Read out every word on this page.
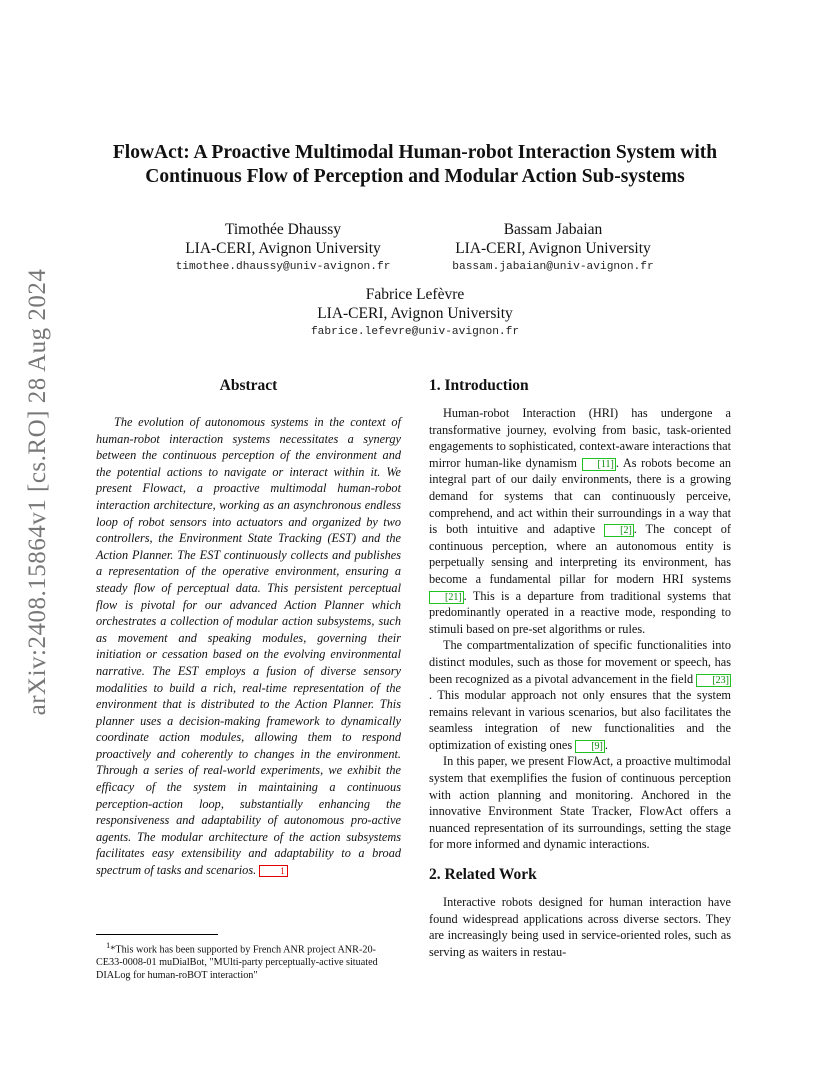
arXiv:2408.15864v1 [cs.RO] 28 Aug 2024
FlowAct: A Proactive Multimodal Human-robot Interaction System with
Continuous Flow of Perception and Modular Action Sub-systems
Timothée Dhaussy
LIA-CERI, Avignon University
timothee.dhaussy@univ-avignon.fr
Bassam Jabaian
LIA-CERI, Avignon University
bassam.jabaian@univ-avignon.fr
Fabrice Lefèvre
LIA-CERI, Avignon University
fabrice.lefevre@univ-avignon.fr
Abstract

The evolution of autonomous systems in the context of human-robot interaction systems necessitates a synergy between the continuous perception of the environment and the potential actions to navigate or interact within it. We present Flowact, a proactive multimodal human-robot interaction architecture, working as an asynchronous endless loop of robot sensors into actuators and organized by two controllers, the Environment State Tracking (EST) and the Action Planner. The EST continuously collects and publishes a representation of the operative environment, ensuring a steady flow of perceptual data. This persistent perceptual flow is pivotal for our advanced Action Planner which orchestrates a collection of modular action subsystems, such as movement and speaking modules, governing their initiation or cessation based on the evolving environmental narrative. The EST employs a fusion of diverse sensory modalities to build a rich, real-time representation of the environment that is distributed to the Action Planner. This planner uses a decision-making framework to dynamically coordinate action modules, allowing them to respond proactively and coherently to changes in the environment. Through a series of real-world experiments, we exhibit the efficacy of the system in maintaining a continuous perception-action loop, substantially enhancing the responsiveness and adaptability of autonomous pro-active agents. The modular architecture of the action subsystems facilitates easy extensibility and adaptability to a broad spectrum of tasks and scenarios.	1

$^1$*This work has been supported by French ANR project ANR-20-CE33-0008-01 muDialBot, "MUlti-party perceptually-active situated DIALog for human-roBOT interaction"

1. Introduction

Human-robot Interaction (HRI) has undergone a transformative journey, evolving from basic, task-oriented engagements to sophisticated, context-aware interactions that mirror human-like dynamism [11] . As robots become an integral part of our daily environments, there is a growing demand for systems that can continuously perceive, comprehend, and act within their surroundings in a way that is both intuitive and adaptive [2] . The concept of continuous perception, where an autonomous entity is perpetually sensing and interpreting its environment, has become a fundamental pillar for modern HRI systems [21] . This is a departure from traditional systems that predominantly operated in a reactive mode, responding to stimuli based on pre-set algorithms or rules.

The compartmentalization of specific functionalities into distinct modules, such as those for movement or speech, has been recognized as a pivotal advancement in the field [23]. This modular approach not only ensures that the system remains relevant in various scenarios, but also facilitates the seamless integration of new functionalities and the optimization of existing ones [9] .

In this paper, we present FlowAct, a proactive multimodal system that exemplifies the fusion of continuous perception with action planning and monitoring. Anchored in the innovative Environment State Tracker, FlowAct offers a nuanced representation of its surroundings, setting the stage for more informed and dynamic interactions.

2. Related Work

Interactive robots designed for human interaction have found widespread applications across diverse sectors. They are increasingly being used in service-oriented roles, such as serving as waiters in restau-
